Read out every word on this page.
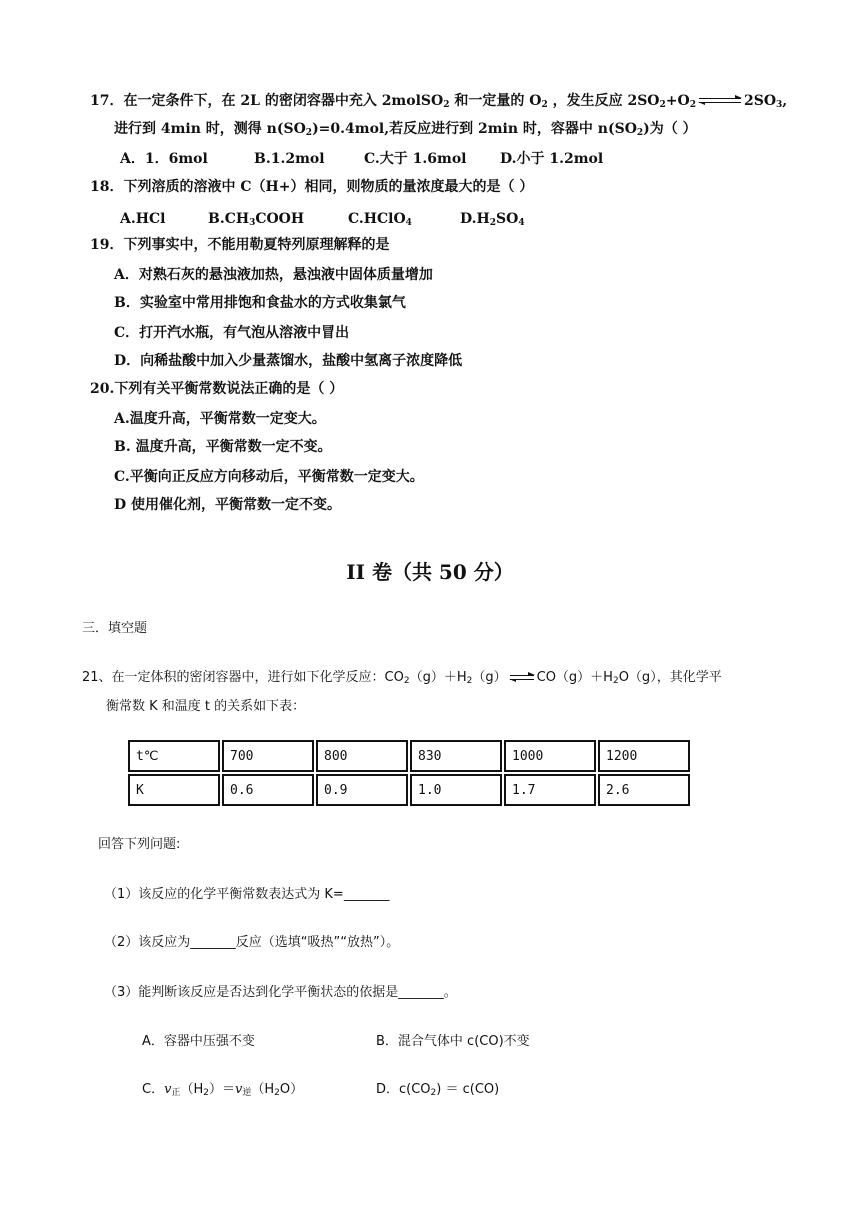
17．在一定条件下，在 2L 的密闭容器中充入 2molSO$_2$ 和一定量的 $O_2$ ，发生反应 $2SO_2+O_2$	$2SO_3$,
进行到 4min 时，测得 $n(SO_2)=0.4mol$,若反应进行到 2min 时，容器中 $n(SO_2)$为（ ）
A．1．6mol	B.1.2mol	C.大于 1.6mol D.小于 1.2mol
18．下列溶质的溶液中 C（H+）相同，则物质的量浓度最大的是（ ）
A.HCl	$B.CH_3COOH$	C.HClO$_4$	$D.H_2SO_4$
19．下列事实中，不能用勒夏特列原理解释的是
A．对熟石灰的悬浊液加热，悬浊液中固体质量增加
B．实验室中常用排饱和食盐水的方式收集氯气
C．打开汽水瓶，有气泡从溶液中冒出
D．向稀盐酸中加入少量蒸馏水，盐酸中氢离子浓度降低
20.下列有关平衡常数说法正确的是（ ）
A.温度升高，平衡常数一定变大。
B. 温度升高，平衡常数一定不变。
C.平衡向正反应方向移动后，平衡常数一定变大。
D 使用催化剂，平衡常数一定不变。
II 卷（共 50 分）
三．填空题
21、在一定体积的密闭容器中，进行如下化学反应：$CO_2(g)+H_2(g)$ $CO(g)+H_2O(g)$，其化学平
衡常数 K 和温度 t 的关系如下表：
t℃	700	800	830	1000	1200
K	0.6	0.9	1.0	1.7	2.6
回答下列问题:
（1）该反应的化学平衡常数表达式为 K=_______
（2）该反应为_______反应（选填“吸热”“放热”）。
（3）能判断该反应是否达到化学平衡状态的依据是_______。
A．容器中压强不变	B．混合气体中 c(CO)不变
C．$v_正(H_2)=v_逆(H_2O)$	D．$c(CO_2) = c(CO)$
